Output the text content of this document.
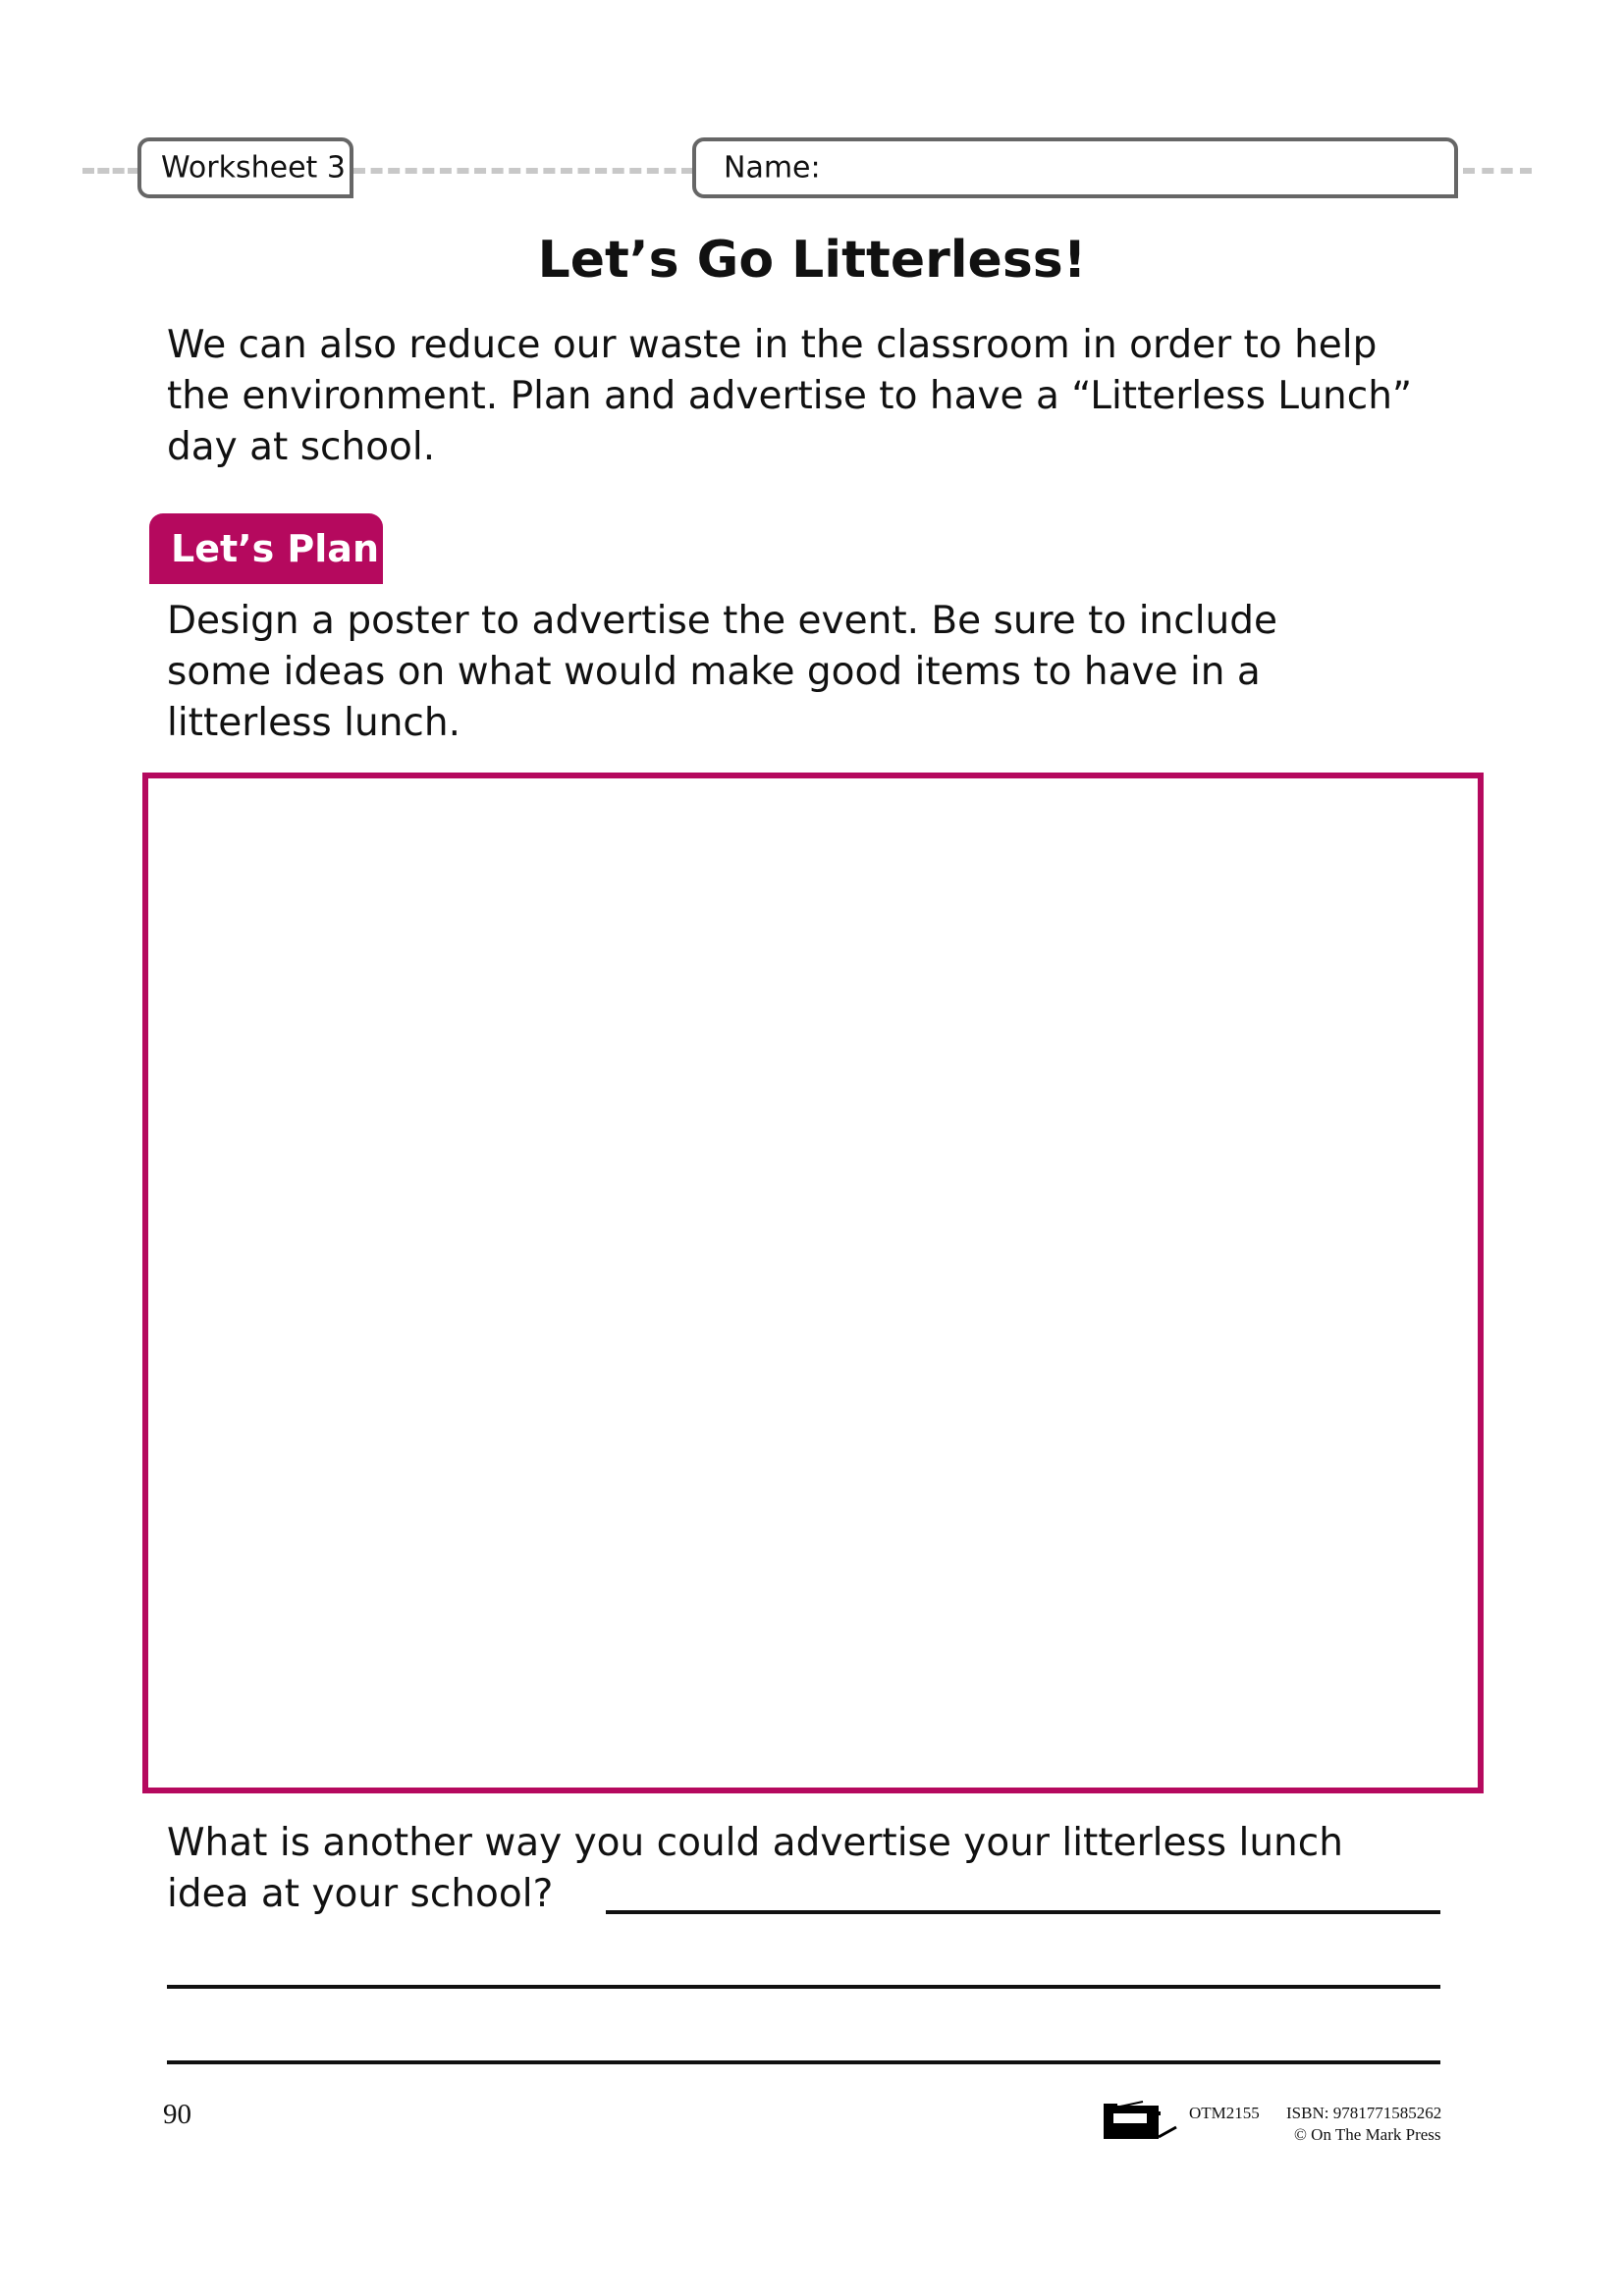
Worksheet 3	Name:
Let’s Go Litterless!
We can also reduce our waste in the classroom in order to help
the environment. Plan and advertise to have a “Litterless Lunch”
day at school.
Let’s Plan
Design a poster to advertise the event. Be sure to include
some ideas on what would make good items to have in a
litterless lunch.
What is another way you could advertise your litterless lunch
idea at your school?
90	OTM2155 ISBN: 9781771585262
© On The Mark Press
